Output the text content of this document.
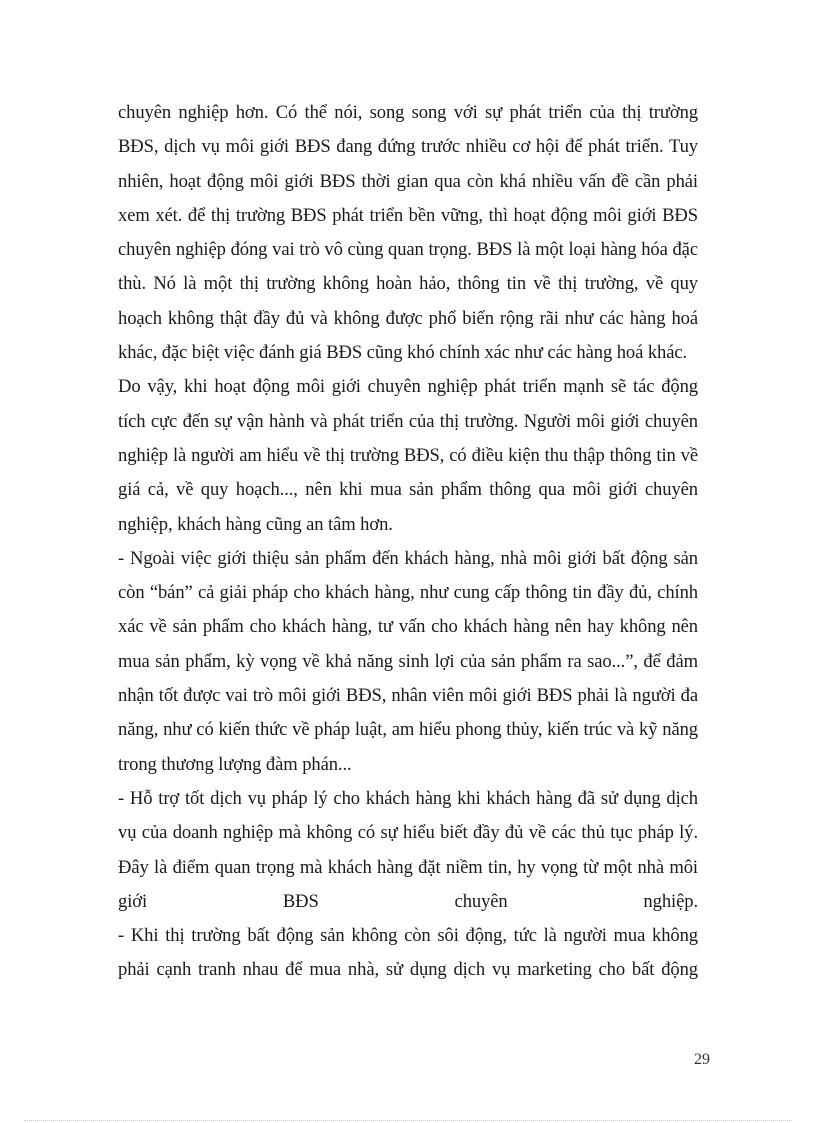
chuyên nghiệp hơn. Có thể nói, song song với sự phát triển của thị trường BĐS, dịch vụ môi giới BĐS đang đứng trước nhiều cơ hội để phát triển. Tuy nhiên, hoạt động môi giới BĐS thời gian qua còn khá nhiều vấn đề cần phải xem xét. để thị trường BĐS phát triển bền vững, thì hoạt động môi giới BĐS chuyên nghiệp đóng vai trò vô cùng quan trọng. BĐS là một loại hàng hóa đặc thù. Nó là một thị trường không hoàn hảo, thông tin về thị trường, về quy hoạch không thật đầy đủ và không được phổ biến rộng rãi như các hàng hoá khác, đặc biệt việc đánh giá BĐS cũng khó chính xác như các hàng hoá khác.

Do vậy, khi hoạt động môi giới chuyên nghiệp phát triển mạnh sẽ tác động tích cực đến sự vận hành và phát triển của thị trường. Người môi giới chuyên nghiệp là người am hiểu về thị trường BĐS, có điều kiện thu thập thông tin về giá cả, về quy hoạch..., nên khi mua sản phẩm thông qua môi giới chuyên nghiệp, khách hàng cũng an tâm hơn.

- Ngoài việc giới thiệu sản phẩm đến khách hàng, nhà môi giới bất động sản còn “bán” cả giải pháp cho khách hàng, như cung cấp thông tin đầy đủ, chính xác về sản phẩm cho khách hàng, tư vấn cho khách hàng nên hay không nên mua sản phẩm, kỳ vọng về khả năng sinh lợi của sản phẩm ra sao...”, để đảm nhận tốt được vai trò môi giới BĐS, nhân viên môi giới BĐS phải là người đa năng, như có kiến thức về pháp luật, am hiểu phong thủy, kiến trúc và kỹ năng trong thương lượng đàm phán...

- Hỗ trợ tốt dịch vụ pháp lý cho khách hàng khi khách hàng đã sử dụng dịch vụ của doanh nghiệp mà không có sự hiểu biết đầy đủ về các thủ tục pháp lý. Đây là điểm quan trọng mà khách hàng đặt niềm tin, hy vọng từ một nhà môi giới BĐS chuyên nghiệp.

- Khi thị trường bất động sản không còn sôi động, tức là người mua không phải cạnh tranh nhau để mua nhà, sử dụng dịch vụ marketing cho bất động

29
